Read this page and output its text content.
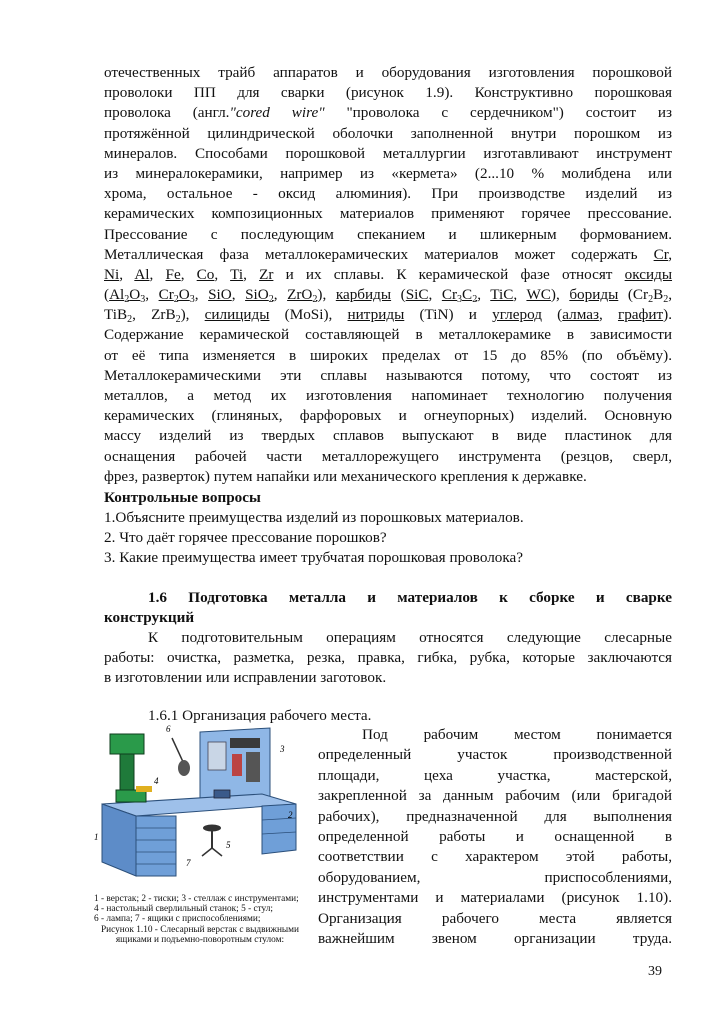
отечественных трайб аппаратов и оборудования изготовления порошковой
проволоки ПП для сварки (рисунок 1.9). Конструктивно порошковая
проволока (англ."cored wire" "проволока с сердечником") состоит из
протяжённой цилиндрической оболочки заполненной внутри порошком из
минералов. Способами порошковой металлургии изготавливают инструмент
из минералокерамики, например из «кермета» (2...10 % молибдена или
хрома, остальное - оксид алюминия). При производстве изделий из
керамических композиционных материалов применяют горячее прессование.
Прессование с последующим спеканием и шликерным формованием.
Металлическая фаза металлокерамических материалов может содержать Cr,
Ni, Al, Fe, Co, Ti, Zr и их сплавы. К керамической фазе относят оксиды
($Al_2O_3$, $Cr_2O_3$, SiO, SiO$_2$, ZrO$_2$), карбиды (SiC, $Cr_3C_2$, TiC, WC), бориды ($Cr_2B_2$,
TiB$_2$, ZrB$_2$), силициды (MoSi), нитриды (TiN) и углерод (алмаз, графит).
Содержание керамической составляющей в металлокерамике в зависимости
от её типа изменяется в широких пределах от 15 до 85% (по объёму).
Металлокерамическими эти сплавы называются потому, что состоят из
металлов, а метод их изготовления напоминает технологию получения
керамических (глиняных, фарфоровых и огнеупорных) изделий. Основную
массу изделий из твердых сплавов выпускают в виде пластинок для
оснащения рабочей части металлорежущего инструмента (резцов, сверл,
фрез, разверток) путем напайки или механического крепления к державке.
Контрольные вопросы
1.Объясните преимущества изделий из порошковых материалов.
2. Что даёт горячее прессование порошков?
3. Какие преимущества имеет трубчатая порошковая проволока?
1.6 Подготовка металла и материалов к сборке и сварке
конструкций
К подготовительным операциям относятся следующие слесарные
работы: очистка, разметка, резка, правка, гибка, рубка, которые заключаются
в изготовлении или исправлении заготовок.
1.6.1 Организация рабочего места.
Под рабочим местом понимается
определенный участок производственной
площади, цеха участка, мастерской,
закрепленной за данным рабочим (или бригадой
рабочих), предназначенной для выполнения
определенной работы и оснащенной в
соответствии с характером этой работы,
оборудованием, приспособлениями,
инструментами и материалами (рисунок 1.10).
Организация рабочего места является
важнейшим звеном организации труда.
6
3
2
1
5
4
7
1 - верстак; 2 - тиски; 3 - стеллаж с инструментами;
4 - настольный сверлильный станок; 5 - стул;
6 - лампа; 7 - ящики с приспособлениями;
Рисунок 1.10 - Слесарный верстак с выдвижными
ящиками и подъемно-поворотным стулом:
39
